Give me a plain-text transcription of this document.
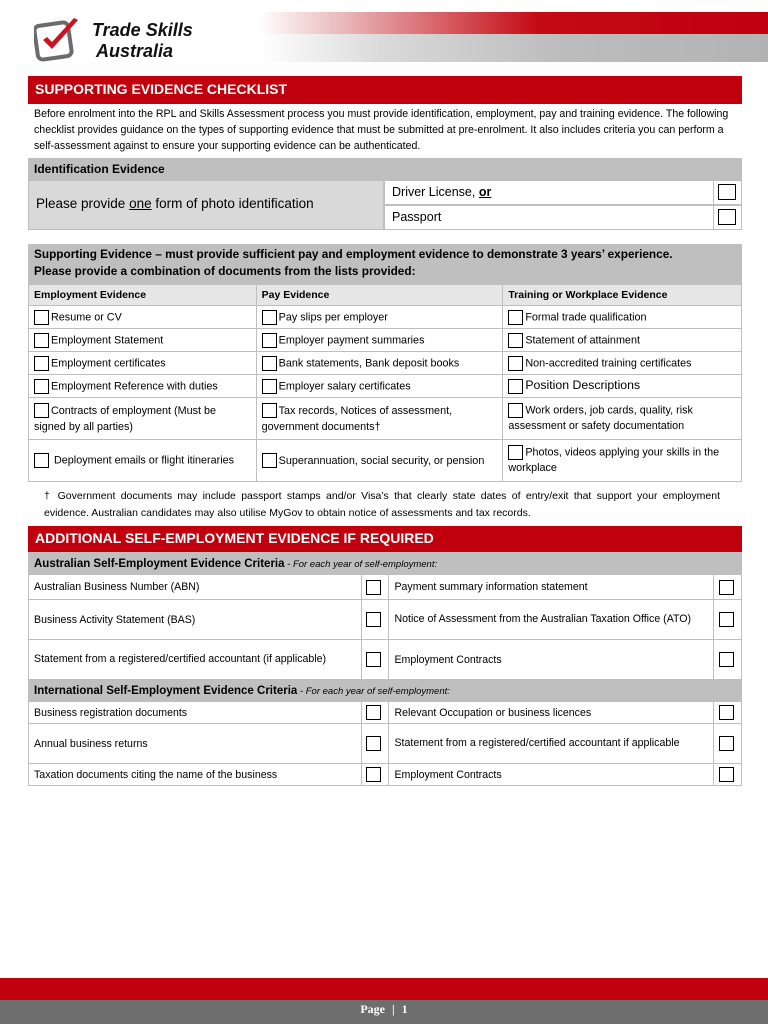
Trade Skills
Australia
SUPPORTING EVIDENCE CHECKLIST
Before enrolment into the RPL and Skills Assessment process you must provide identification, employment, pay and training evidence. The following checklist provides guidance on the types of supporting evidence that must be submitted at pre-enrolment. It also includes criteria you can perform a self-assessment against to ensure your supporting evidence can be authenticated.
Identification Evidence
Please provide one form of photo identification
Driver License, or
Passport
Supporting Evidence – must provide sufficient pay and employment evidence to demonstrate 3 years’ experience.
Please provide a combination of documents from the lists provided:
Employment Evidence	Pay Evidence	Training or Workplace Evidence
Resume or CV	Pay slips per employer	Formal trade qualification
Employment Statement	Employer payment summaries	Statement of attainment
Employment certificates	Bank statements, Bank deposit books	Non-accredited training certificates
Employment Reference with duties	Employer salary certificates	Position Descriptions
Contracts of employment (Must be signed by all parties)	Tax records, Notices of assessment, government documents†	Work orders, job cards, quality, risk assessment or safety documentation
Deployment emails or flight itineraries	Superannuation, social security, or pension	Photos, videos applying your skills in the workplace
† Government documents may include passport stamps and/or Visa’s that clearly state dates of entry/exit that support your employment evidence. Australian candidates may also utilise MyGov to obtain notice of assessments and tax records.
ADDITIONAL SELF-EMPLOYMENT EVIDENCE IF REQUIRED
Australian Self-Employment Evidence Criteria - For each year of self-employment:			
Australian Business Number (ABN)		Payment summary information statement	
Business Activity Statement (BAS)		Notice of Assessment from the Australian Taxation Office (ATO)	
Statement from a registered/certified accountant (if applicable)		Employment Contracts	
International Self-Employment Evidence Criteria - For each year of self-employment:			
Business registration documents		Relevant Occupation or business licences	
Annual business returns		Statement from a registered/certified accountant if applicable	
Taxation documents citing the name of the business		Employment Contracts	
Page | 1
